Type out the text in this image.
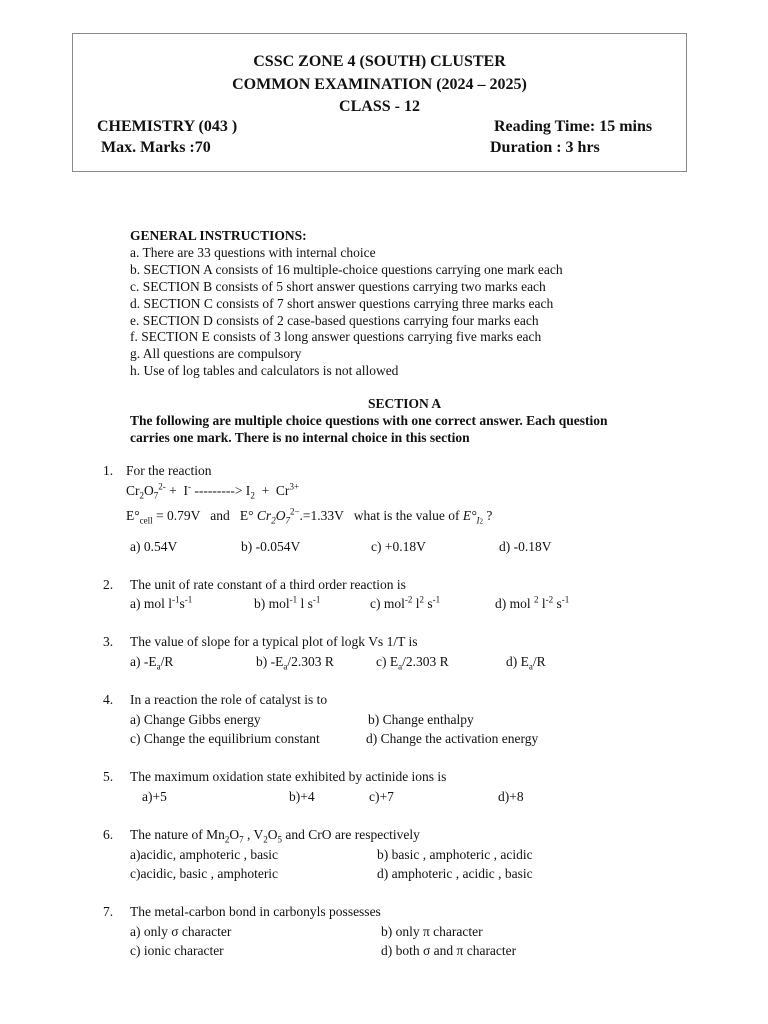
CSSC ZONE 4 (SOUTH) CLUSTER
COMMON EXAMINATION (2024 – 2025)
CLASS - 12
CHEMISTRY (043 )	Reading Time: 15 mins
Max. Marks :70	Duration : 3 hrs
GENERAL INSTRUCTIONS:
a. There are 33 questions with internal choice
b. SECTION A consists of 16 multiple-choice questions carrying one mark each
c. SECTION B consists of 5 short answer questions carrying two marks each
d. SECTION C consists of 7 short answer questions carrying three marks each
e. SECTION D consists of 2 case-based questions carrying four marks each
f. SECTION E consists of 3 long answer questions carrying five marks each
g. All questions are compulsory
h. Use of log tables and calculators is not allowed
SECTION A
The following are multiple choice questions with one correct answer. Each question
carries one mark. There is no internal choice in this section
1. For the reaction
$Cr_2O_7^{2-} + I^-$ ---------> $I_2 + Cr^{3+}$
$E^\circ_{cell} = 0.79V$   and   E° $Cr_2O_7^{2-}.=1.33V$   what is the value of $E^\circ_{I2}$ ?
a) 0.54V	b) -0.054V	c) +0.18V	d) -0.18V
2. The unit of rate constant of a third order reaction is
a) mol $l^{-1}s^{-1}$	b) mol$^{-1}$ l $s^{-1}$	c) mol$^{-2}$ $l^2$ $s^{-1}$	d) mol $^2$ $l^{-2}$ $s^{-1}$
3. The value of slope for a typical plot of logk Vs 1/T is
a) $-E_a/R$	b) $-E_a/2.303$ R	c) $E_a/2.303$ R	d) $E_a/R$
4. In a reaction the role of catalyst is to
a) Change Gibbs energy	b) Change enthalpy
c) Change the equilibrium constant	d) Change the activation energy
5. The maximum oxidation state exhibited by actinide ions is
a)+5	b)+4	c)+7	d)+8
6. The nature of $Mn_2O_7$ , $V_2O_5$ and CrO are respectively
a)acidic, amphoteric , basic	b) basic , amphoteric , acidic
c)acidic, basic , amphoteric	d) amphoteric , acidic , basic
7. The metal-carbon bond in carbonyls possesses
a) only σ character	b) only π character
c) ionic character	d) both σ and π character
